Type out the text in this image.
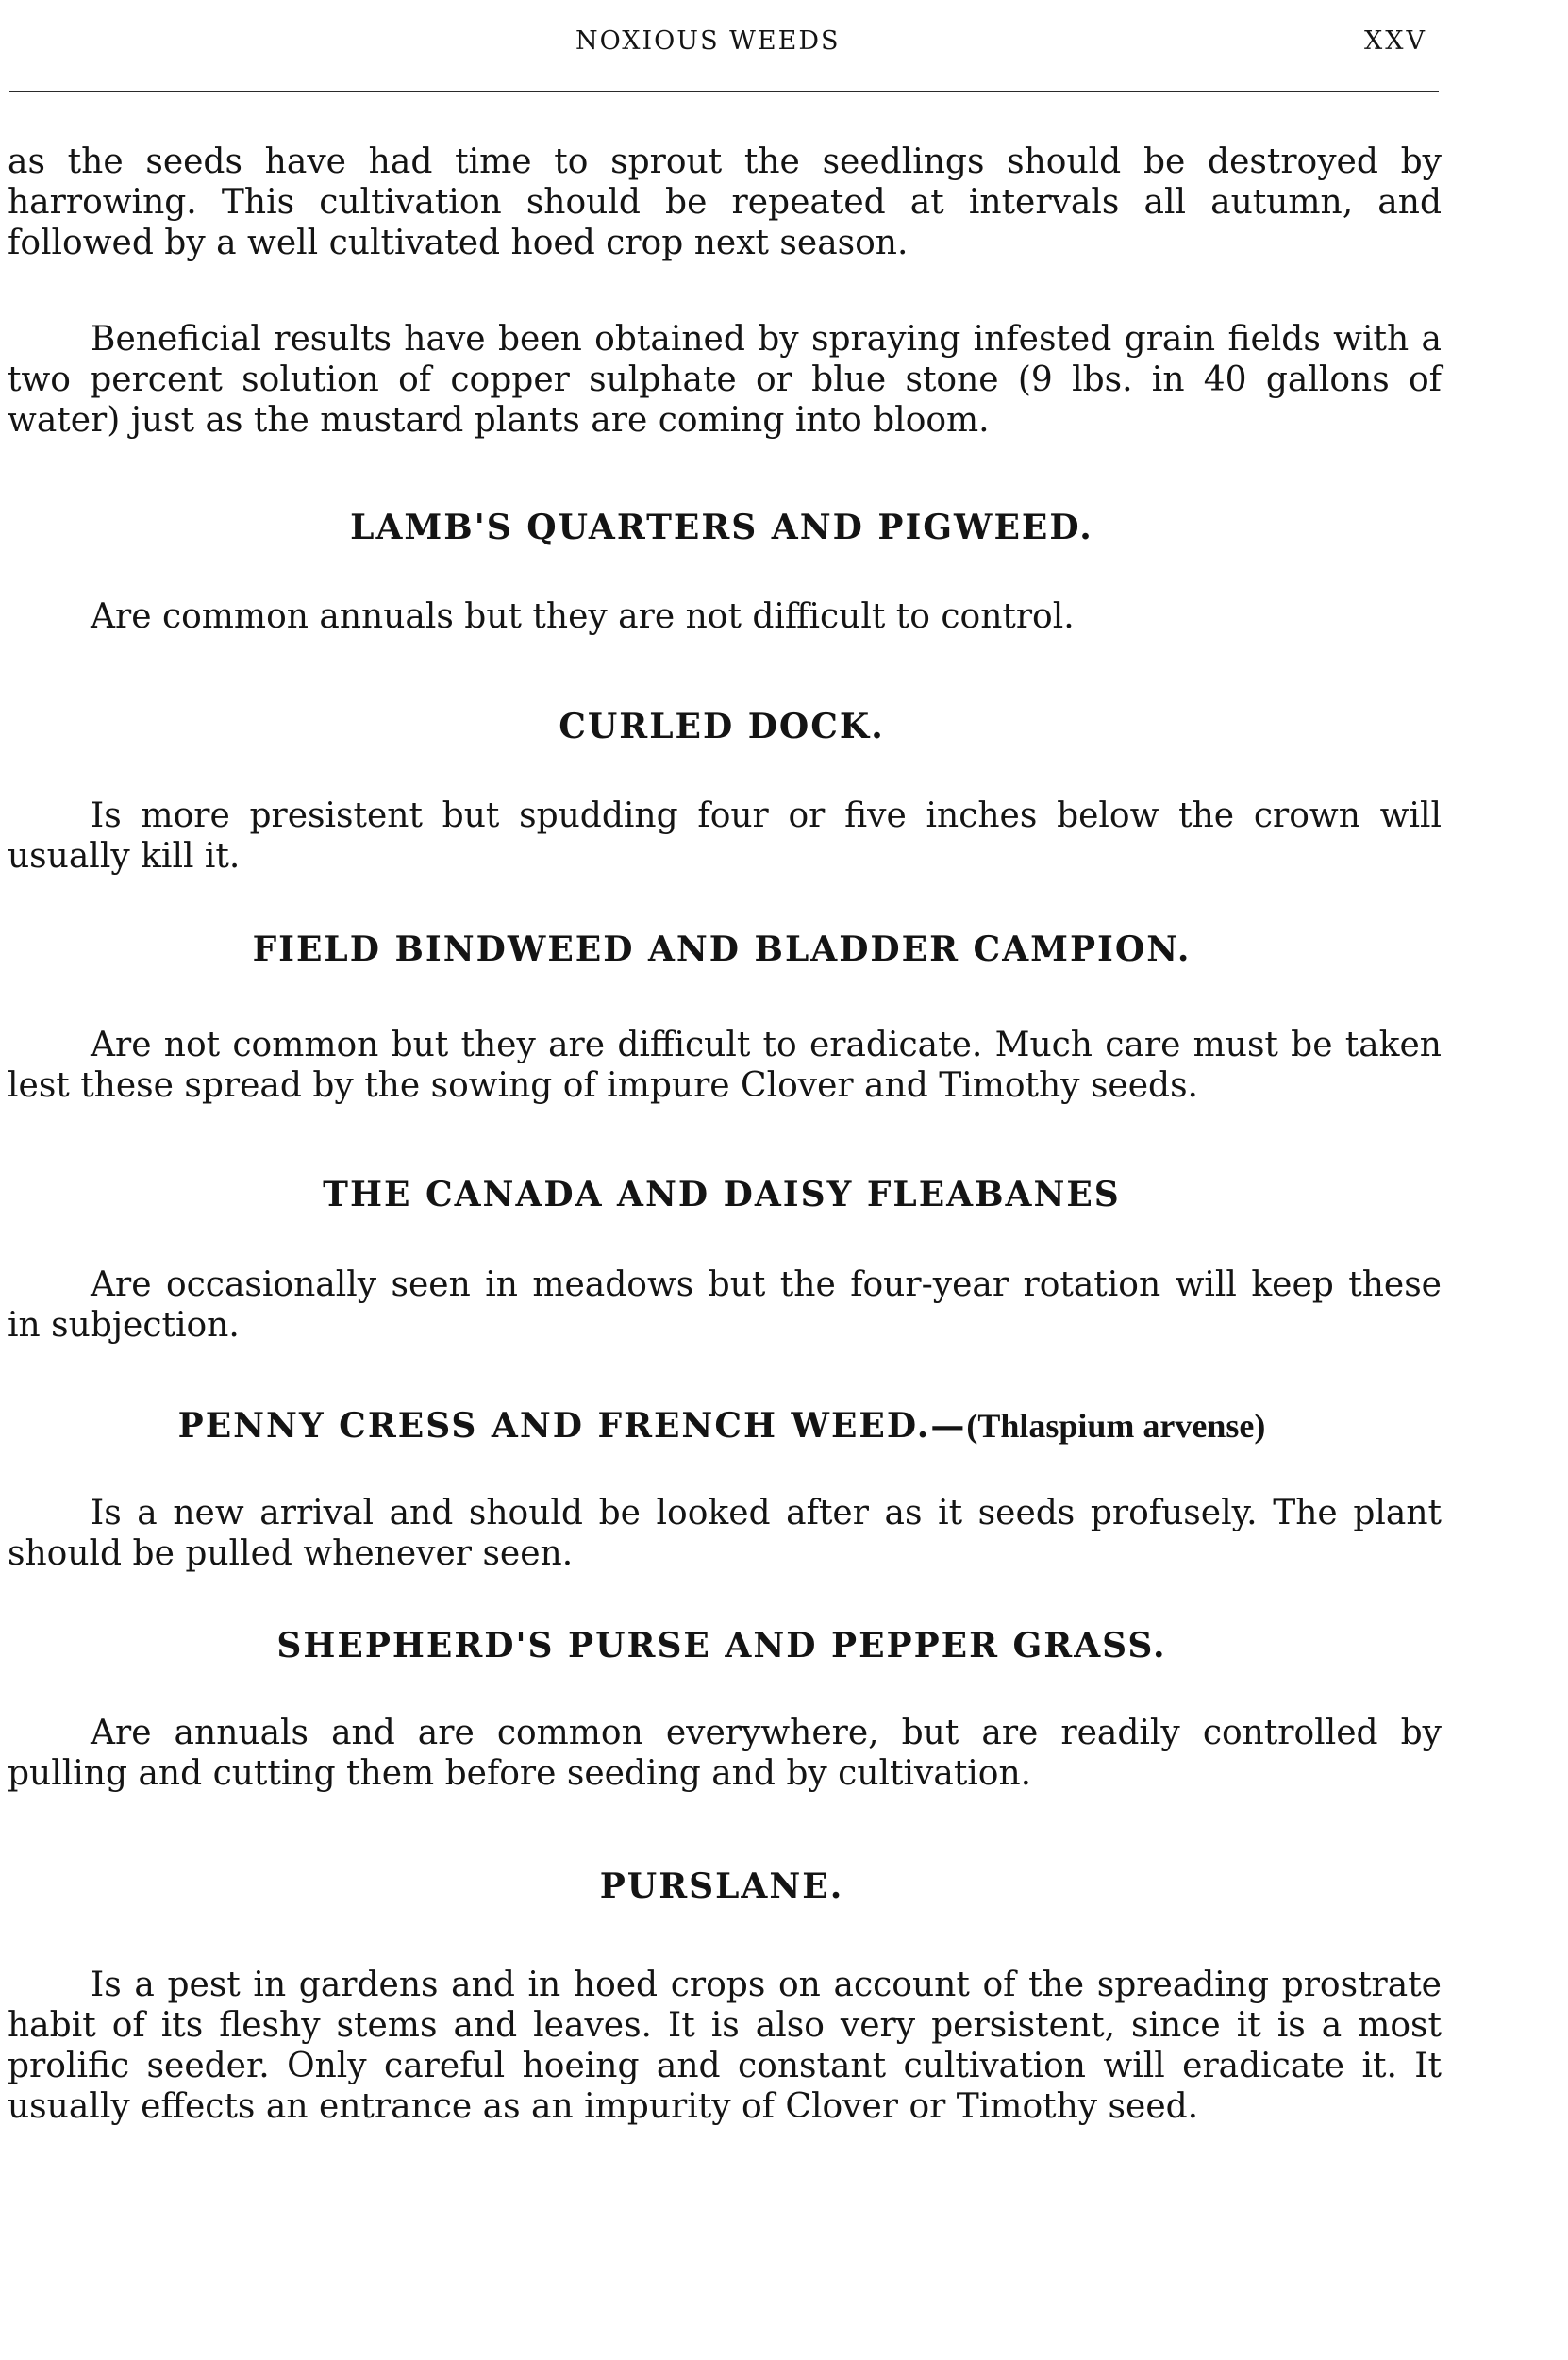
NOXIOUS WEEDS	XXV

as the seeds have had time to sprout the seedlings should be destroyed by harrowing. This cultivation should be repeated at intervals all autumn, and followed by a well cultivated hoed crop next season.

Beneficial results have been obtained by spraying infested grain fields with a two percent solution of copper sulphate or blue stone (9 lbs. in 40 gallons of water) just as the mustard plants are coming into bloom.

LAMB'S QUARTERS AND PIGWEED.

Are common annuals but they are not difficult to control.

CURLED DOCK.

Is more presistent but spudding four or five inches below the crown will usually kill it.

FIELD BINDWEED AND BLADDER CAMPION.

Are not common but they are difficult to eradicate. Much care must be taken lest these spread by the sowing of impure Clover and Timothy seeds.

THE CANADA AND DAISY FLEABANES

Are occasionally seen in meadows but the four-year rotation will keep these in subjection.

PENNY CRESS AND FRENCH WEED.—(Thlaspium arvense)

Is a new arrival and should be looked after as it seeds profusely. The plant should be pulled whenever seen.

SHEPHERD'S PURSE AND PEPPER GRASS.

Are annuals and are common everywhere, but are readily controlled by pulling and cutting them before seeding and by cultivation.

PURSLANE.

Is a pest in gardens and in hoed crops on account of the spreading prostrate habit of its fleshy stems and leaves. It is also very persistent, since it is a most prolific seeder. Only careful hoeing and constant cultivation will eradicate it. It usually effects an entrance as an impurity of Clover or Timothy seed.
